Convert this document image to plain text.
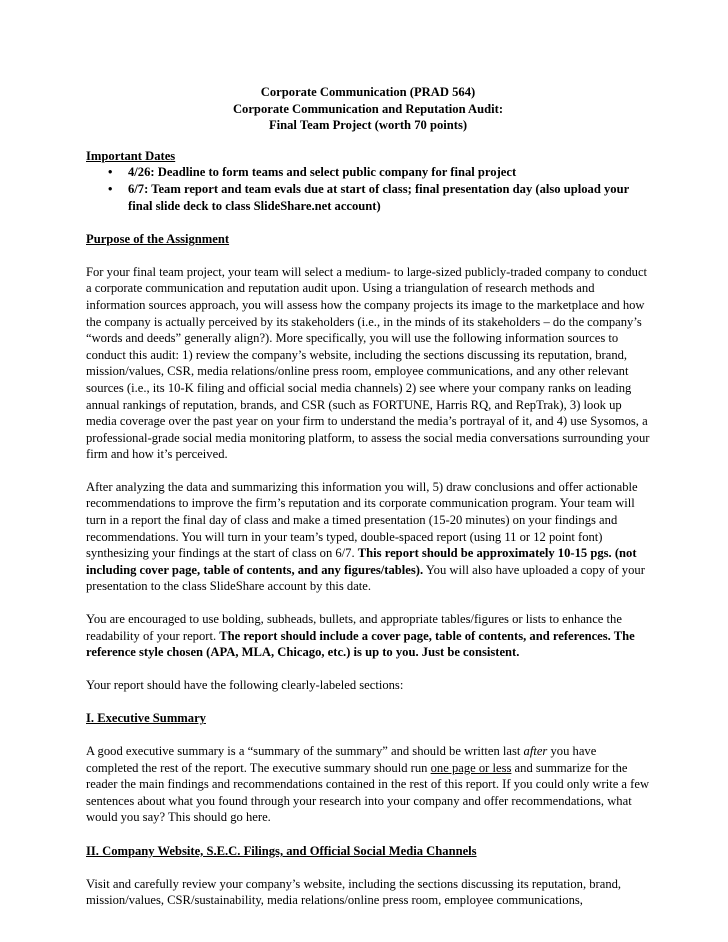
Corporate Communication (PRAD 564)
Corporate Communication and Reputation Audit:
Final Team Project (worth 70 points)

Important Dates

• 4/26: Deadline to form teams and select public company for final project
• 6/7: Team report and team evals due at start of class; final presentation day (also upload your final slide deck to class SlideShare.net account)

Purpose of the Assignment

For your final team project, your team will select a medium- to large-sized publicly-traded company to conduct a corporate communication and reputation audit upon. Using a triangulation of research methods and information sources approach, you will assess how the company projects its image to the marketplace and how the company is actually perceived by its stakeholders (i.e., in the minds of its stakeholders – do the company’s “words and deeds” generally align?). More specifically, you will use the following information sources to conduct this audit: 1) review the company’s website, including the sections discussing its reputation, brand, mission/values, CSR, media relations/online press room, employee communications, and any other relevant sources (i.e., its 10-K filing and official social media channels) 2) see where your company ranks on leading annual rankings of reputation, brands, and CSR (such as FORTUNE, Harris RQ, and RepTrak), 3) look up media coverage over the past year on your firm to understand the media’s portrayal of it, and 4) use Sysomos, a professional-grade social media monitoring platform, to assess the social media conversations surrounding your firm and how it’s perceived.

After analyzing the data and summarizing this information you will, 5) draw conclusions and offer actionable recommendations to improve the firm’s reputation and its corporate communication program. Your team will turn in a report the final day of class and make a timed presentation (15-20 minutes) on your findings and recommendations. You will turn in your team’s typed, double-spaced report (using 11 or 12 point font) synthesizing your findings at the start of class on 6/7. This report should be approximately 10-15 pgs. (not including cover page, table of contents, and any figures/tables). You will also have uploaded a copy of your presentation to the class SlideShare account by this date.

You are encouraged to use bolding, subheads, bullets, and appropriate tables/figures or lists to enhance the readability of your report. The report should include a cover page, table of contents, and references. The reference style chosen (APA, MLA, Chicago, etc.) is up to you. Just be consistent.

Your report should have the following clearly-labeled sections:

I. Executive Summary

A good executive summary is a “summary of the summary” and should be written last after you have completed the rest of the report. The executive summary should run one page or less and summarize for the reader the main findings and recommendations contained in the rest of this report. If you could only write a few sentences about what you found through your research into your company and offer recommendations, what would you say? This should go here.

II. Company Website, S.E.C. Filings, and Official Social Media Channels

Visit and carefully review your company’s website, including the sections discussing its reputation, brand, mission/values, CSR/sustainability, media relations/online press room, employee communications,
